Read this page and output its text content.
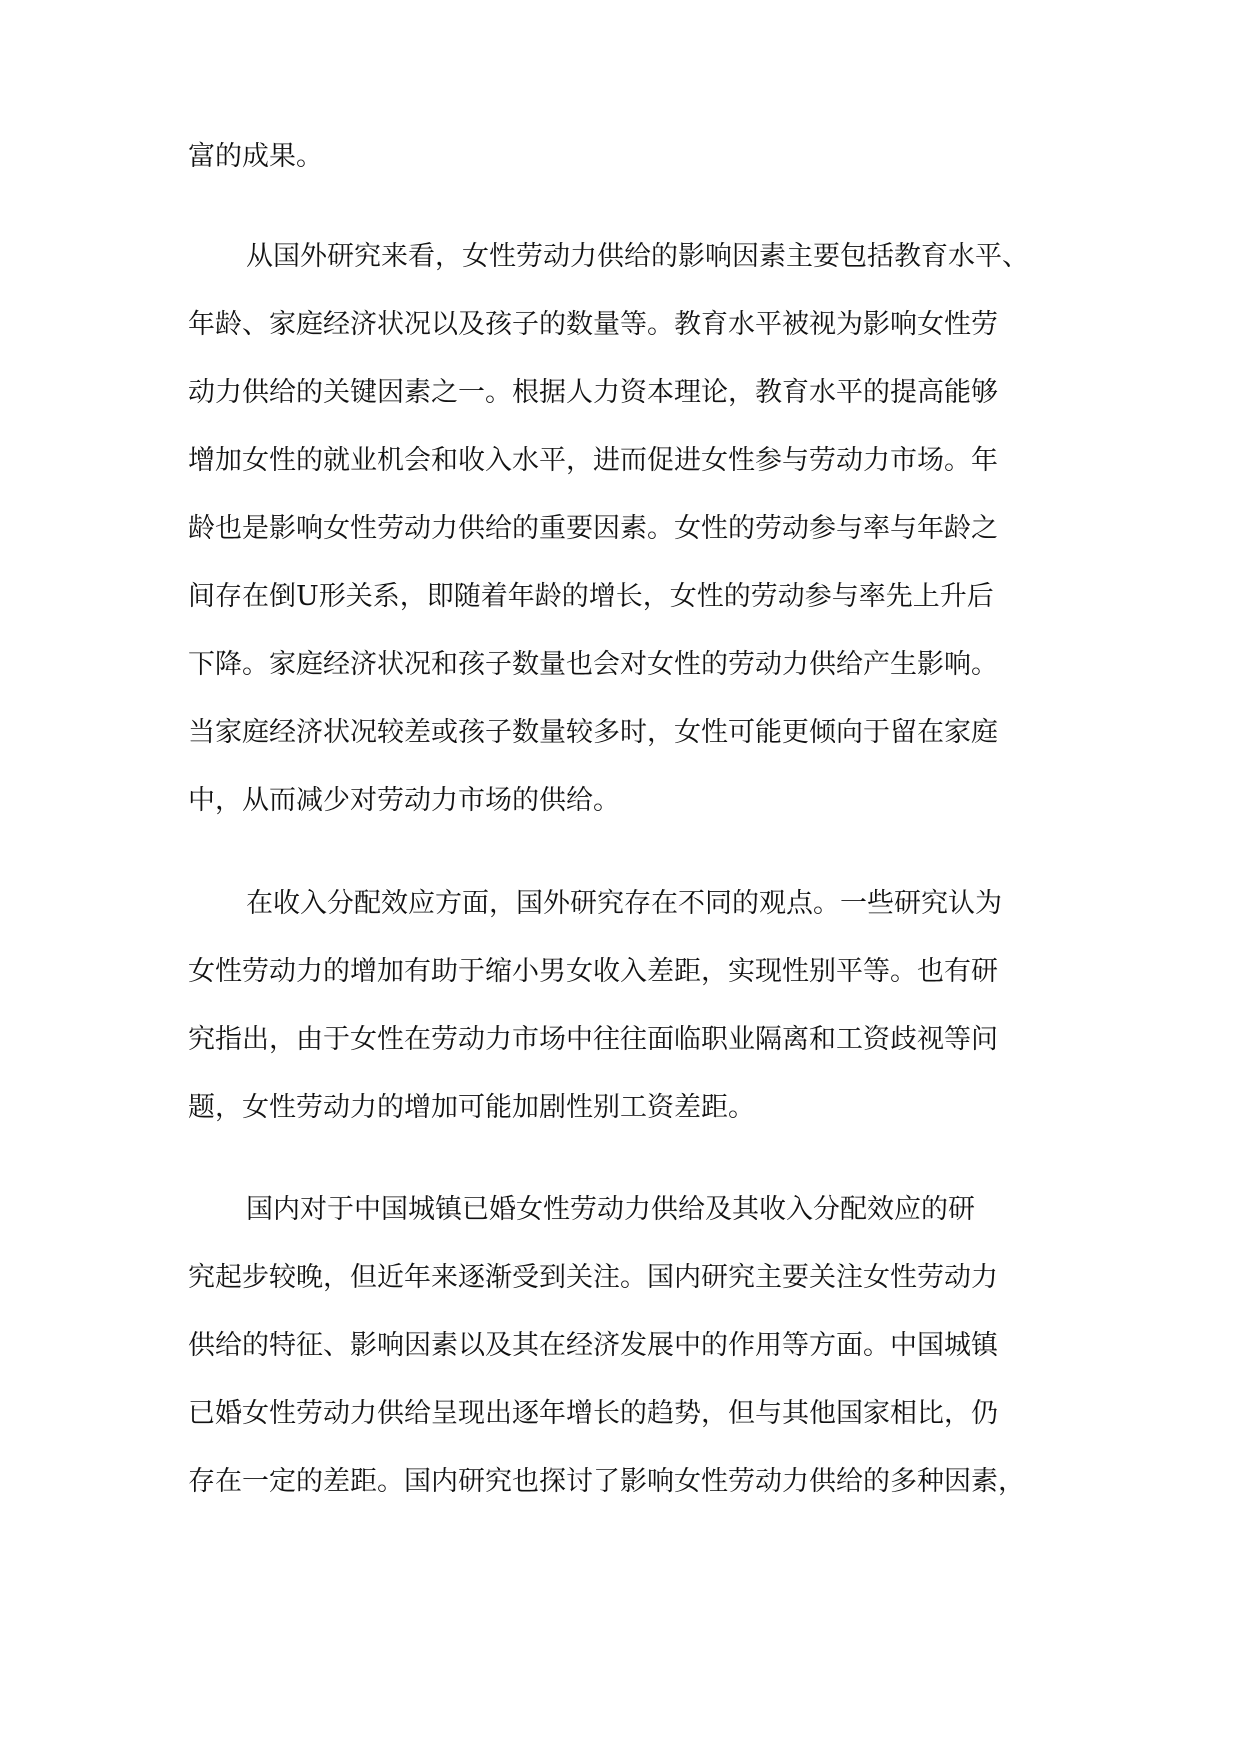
富的成果。
从国外研究来看，女性劳动力供给的影响因素主要包括教育水平、
年龄、家庭经济状况以及孩子的数量等。教育水平被视为影响女性劳
动力供给的关键因素之一。根据人力资本理论，教育水平的提高能够
增加女性的就业机会和收入水平，进而促进女性参与劳动力市场。年
龄也是影响女性劳动力供给的重要因素。女性的劳动参与率与年龄之
间存在倒U形关系，即随着年龄的增长，女性的劳动参与率先上升后
下降。家庭经济状况和孩子数量也会对女性的劳动力供给产生影响。
当家庭经济状况较差或孩子数量较多时，女性可能更倾向于留在家庭
中，从而减少对劳动力市场的供给。
在收入分配效应方面，国外研究存在不同的观点。一些研究认为
女性劳动力的增加有助于缩小男女收入差距，实现性别平等。也有研
究指出，由于女性在劳动力市场中往往面临职业隔离和工资歧视等问
题，女性劳动力的增加可能加剧性别工资差距。
国内对于中国城镇已婚女性劳动力供给及其收入分配效应的研
究起步较晚，但近年来逐渐受到关注。国内研究主要关注女性劳动力
供给的特征、影响因素以及其在经济发展中的作用等方面。中国城镇
已婚女性劳动力供给呈现出逐年增长的趋势，但与其他国家相比，仍
存在一定的差距。国内研究也探讨了影响女性劳动力供给的多种因素，
